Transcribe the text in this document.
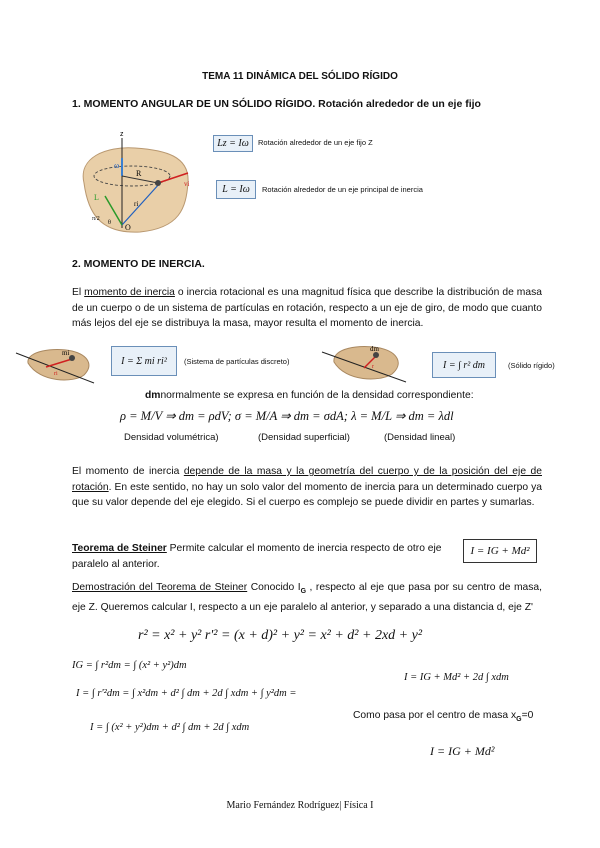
TEMA 11 DINÁMICA DEL SÓLIDO RÍGIDO
1. MOMENTO ANGULAR DE UN SÓLIDO RÍGIDO. Rotación alrededor de un eje fijo
z
ω
R
vi
L
ri
π/2
θ O
Lz = Iω	Rotación alrededor de un eje fijo Z
L = Iω	Rotación alrededor de un eje principal de inercia
2. MOMENTO DE INERCIA.
El momento de inercia o inercia rotacional es una magnitud física que describe la distribución de masa de un cuerpo o de un sistema de partículas en rotación, respecto a un eje de giro, de modo que cuanto más lejos del eje se distribuya la masa, mayor resulta el momento de inercia.
mi
ri
I = Σ mi ri²	(Sistema de partículas discreto)
dm
r	I = ∫ r² dm	(Sólido rígido)
dmnormalmente se expresa en función de la densidad correspondiente:
ρ = M/V ⇒ dm = ρdV; σ = M/A ⇒ dm = σdA; λ = M/L ⇒ dm = λdl
Densidad volumétrica)	(Densidad superficial)	(Densidad lineal)
El momento de inercia depende de la masa y la geometría del cuerpo y de la posición del eje de rotación. En este sentido, no hay un solo valor del momento de inercia para un determinado cuerpo ya que su valor depende del eje elegido. Si el cuerpo es complejo se puede dividir en partes y sumarlas.
Teorema de Steiner Permite calcular el momento de inercia respecto de otro eje paralelo al anterior.
I = IG + Md²
Demostración del Teorema de Steiner Conocido $I_G$ , respecto al eje que pasa por su centro de masa, eje Z. Queremos calcular I, respecto a un eje paralelo al anterior, y separado a una distancia d, eje Z'
r² = x² + y² r'² = (x + d)² + y² = x² + d² + 2xd + y²
IG = ∫ r²dm = ∫ (x² + y²)dm
I = ∫ r'²dm = ∫ x²dm + d² ∫ dm + 2d ∫ xdm + ∫ y²dm =
I = ∫ (x² + y²)dm + d² ∫ dm + 2d ∫ xdm
I = IG + Md² + 2d ∫ xdm
Como pasa por el centro de masa $x_G=0$
I = IG + Md²
Mario Fernández Rodríguez| Física I
